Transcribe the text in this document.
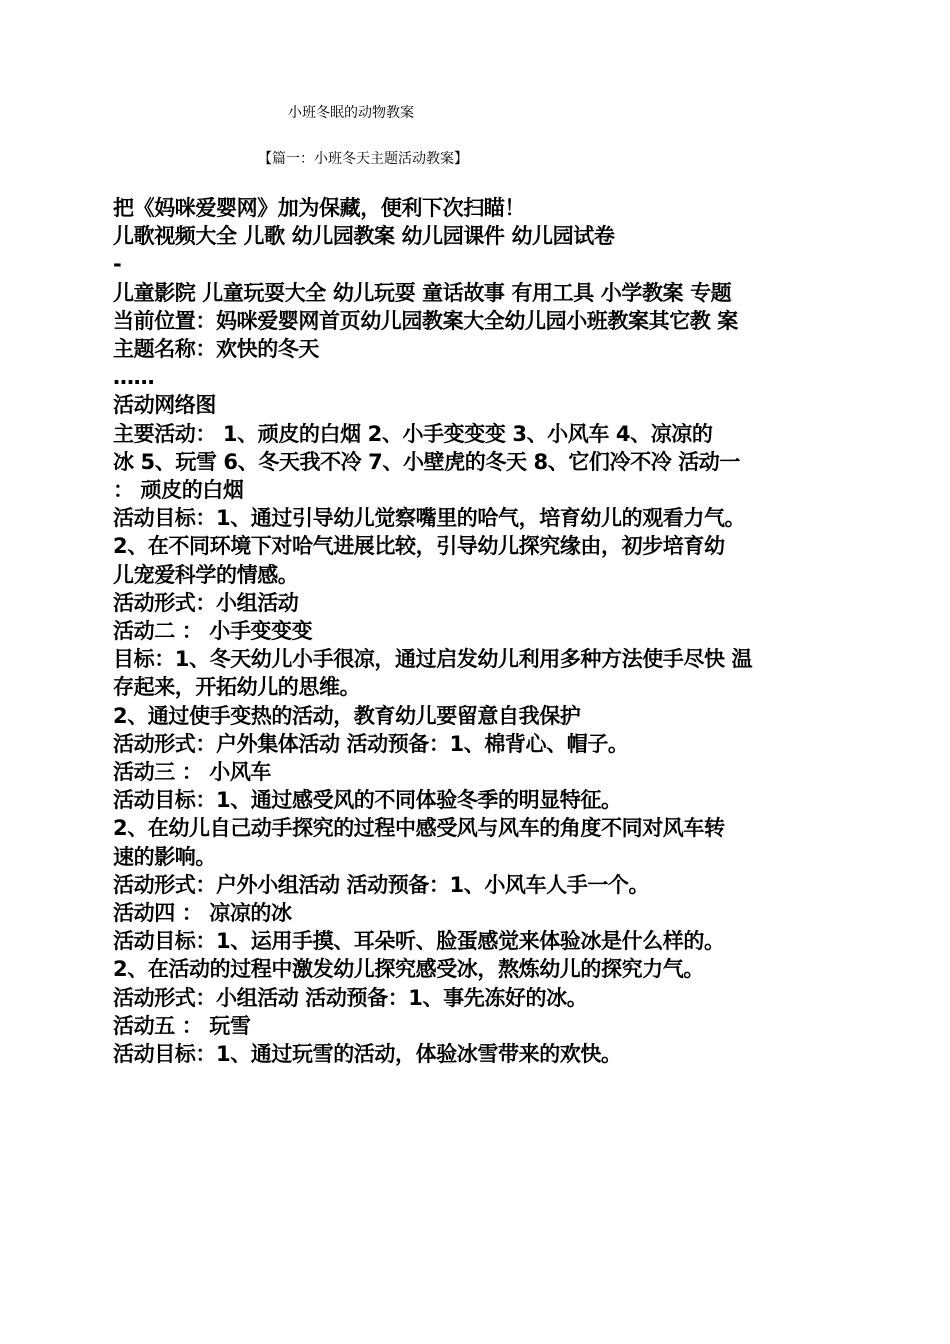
小班冬眠的动物教案
【篇一：小班冬天主题活动教案】
把《妈咪爱婴网》加为保藏，便利下次扫瞄！
儿歌视频大全 儿歌 幼儿园教案 幼儿园课件 幼儿园试卷
-
儿童影院 儿童玩耍大全 幼儿玩耍 童话故事 有用工具 小学教案 专题
当前位置：妈咪爱婴网首页幼儿园教案大全幼儿园小班教案其它教 案
主题名称：欢快的冬天
……
活动网络图
主要活动： 1、顽皮的白烟 2、小手变变变 3、小风车 4、凉凉的
冰 5、玩雪 6、冬天我不冷 7、小壁虎的冬天 8、它们冷不冷 活动一
： 顽皮的白烟
活动目标：1、通过引导幼儿觉察嘴里的哈气，培育幼儿的观看力气。
2、在不同环境下对哈气进展比较，引导幼儿探究缘由，初步培育幼
儿宠爱科学的情感。
活动形式：小组活动
活动二 ： 小手变变变
目标：1、冬天幼儿小手很凉，通过启发幼儿利用多种方法使手尽快 温
存起来，开拓幼儿的思维。
2、通过使手变热的活动，教育幼儿要留意自我保护
活动形式：户外集体活动 活动预备：1、棉背心、帽子。
活动三 ： 小风车
活动目标：1、通过感受风的不同体验冬季的明显特征。
2、在幼儿自己动手探究的过程中感受风与风车的角度不同对风车转
速的影响。
活动形式：户外小组活动 活动预备：1、小风车人手一个。
活动四 ： 凉凉的冰
活动目标：1、运用手摸、耳朵听、脸蛋感觉来体验冰是什么样的。
2、在活动的过程中激发幼儿探究感受冰，熬炼幼儿的探究力气。
活动形式：小组活动 活动预备：1、事先冻好的冰。
活动五 ： 玩雪
活动目标：1、通过玩雪的活动，体验冰雪带来的欢快。
